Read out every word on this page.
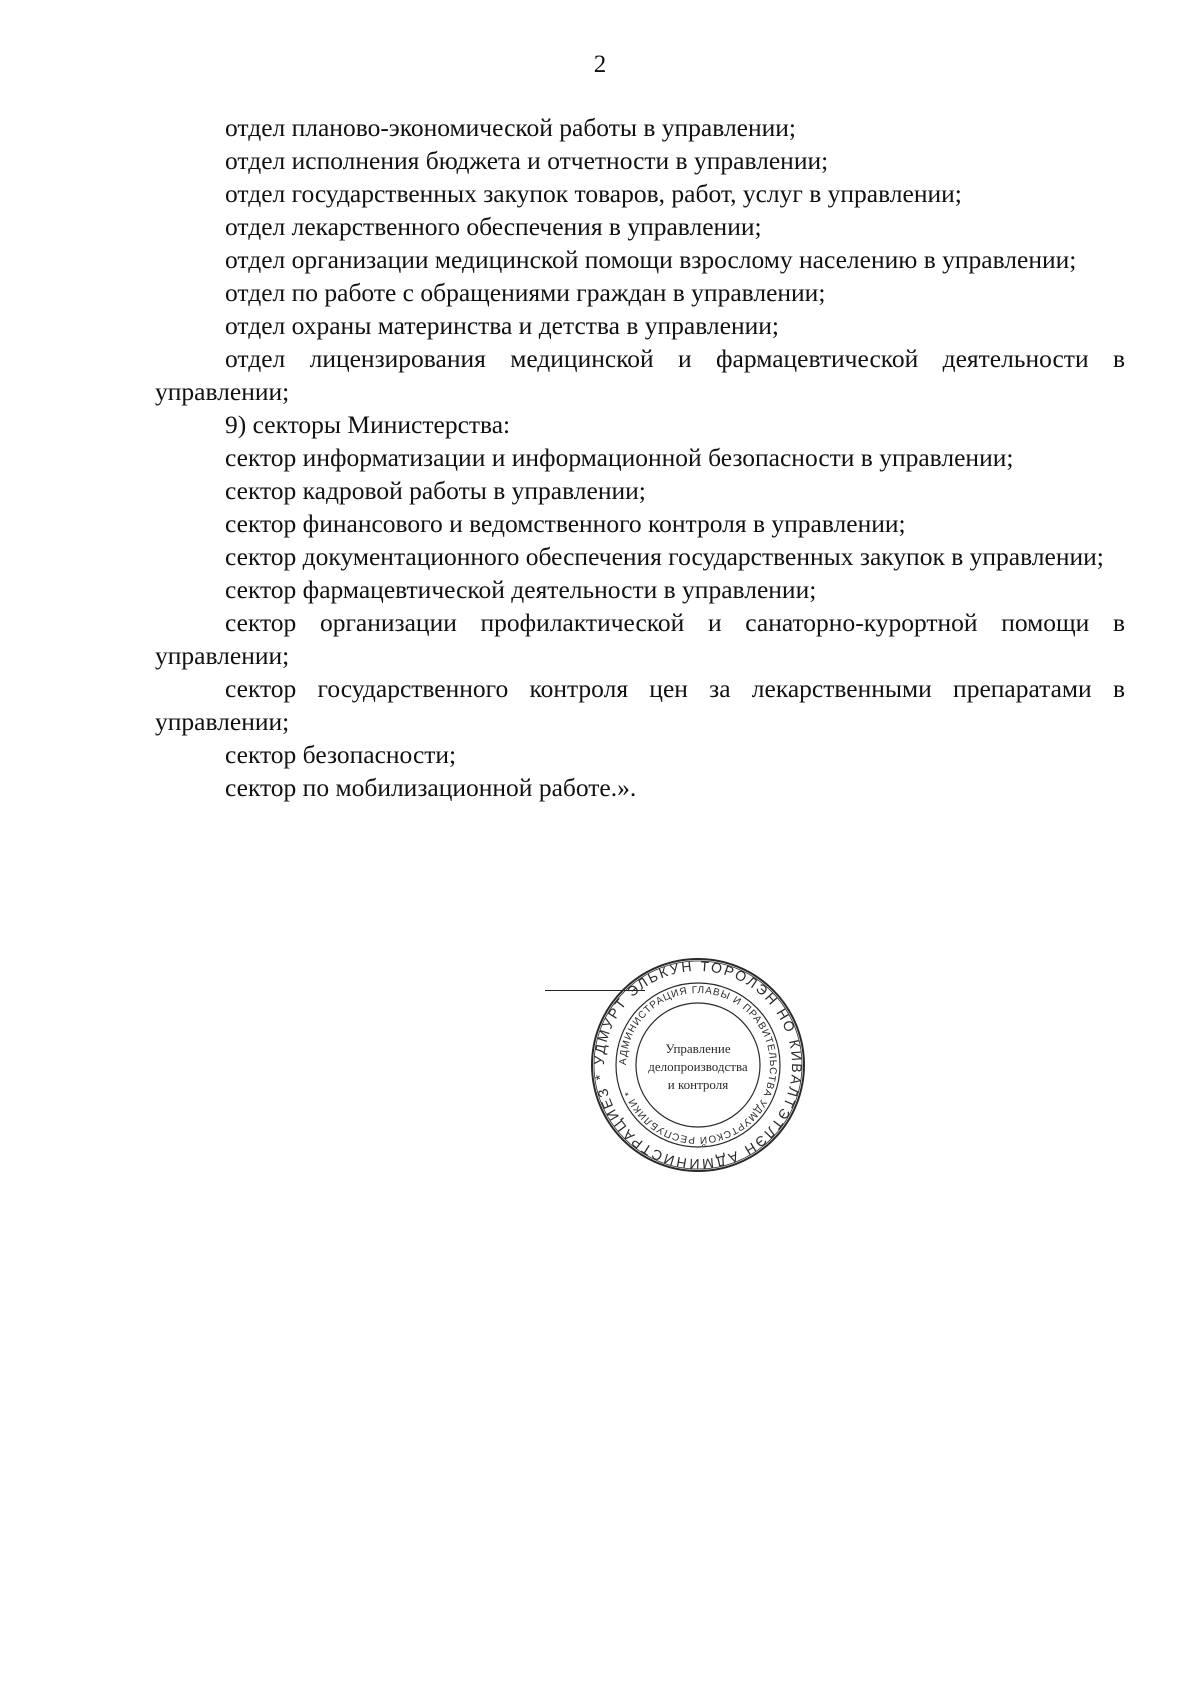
2

отдел планово-экономической работы в управлении;

отдел исполнения бюджета и отчетности в управлении;

отдел государственных закупок товаров, работ, услуг в управлении;

отдел лекарственного обеспечения в управлении;

отдел организации медицинской помощи взрослому населению в управлении;

отдел по работе с обращениями граждан в управлении;

отдел охраны материнства и детства в управлении;

отдел лицензирования медицинской и фармацевтической деятельности в управлении;

9) секторы Министерства:

сектор информатизации и информационной безопасности в управлении;

сектор кадровой работы в управлении;

сектор финансового и ведомственного контроля в управлении;

сектор документационного обеспечения государственных закупок в управлении;

сектор фармацевтической деятельности в управлении;

сектор организации профилактической и санаторно-курортной помощи в управлении;

сектор государственного контроля цен за лекарственными препаратами в управлении;

сектор безопасности;

сектор по мобилизационной работе.».

УДМУРТ ЭЛЬКУН ТОРОЛЭН НО КИВАЛТЭТЛЭН АДМИНИСТРАЦИЕЗ *
АДМИНИСТРАЦИЯ ГЛАВЫ И ПРАВИТЕЛЬСТВА УДМУРТСКОЙ РЕСПУБЛИКИ *
Управление
делопроизводства
и контроля
